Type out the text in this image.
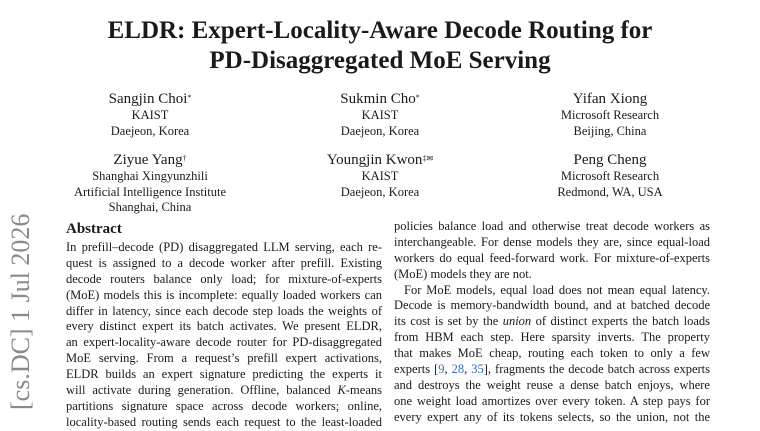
ELDR: Expert-Locality-Aware Decode Routing for
PD-Disaggregated MoE Serving
Sangjin Choi*
KAIST
Daejeon, Korea
Sukmin Cho*
KAIST
Daejeon, Korea
Yifan Xiong
Microsoft Research
Beijing, China
Ziyue Yang†
Shanghai Xingyunzhili
Artificial Intelligence Institute
Shanghai, China
Youngjin Kwon‡✉
KAIST
Daejeon, Korea
Peng Cheng
Microsoft Research
Redmond, WA, USA
[cs.DC] 1 Jul 2026 Abstract
In prefill–decode (PD) disaggregated LLM serving, each re-
quest is assigned to a decode worker after prefill. Existing
decode routers balance only load; for mixture-of-experts
(MoE) models this is incomplete: equally loaded workers can
differ in latency, since each decode step loads the weights of
every distinct expert its batch activates. We present ELDR,
an expert-locality-aware decode router for PD-disaggregated
MoE serving. From a request’s prefill expert activations,
ELDR builds an expert signature predicting the experts it
will activate during generation. Offline, balanced K-means
partitions signature space across decode workers; online,
locality-based routing sends each request to the least-loaded
policies balance load and otherwise treat decode workers as
interchangeable. For dense models they are, since equal-load
workers do equal feed-forward work. For mixture-of-experts
(MoE) models they are not.
For MoE models, equal load does not mean equal latency.
Decode is memory-bandwidth bound, and at batched decode
its cost is set by the union of distinct experts the batch loads
from HBM each step. Here sparsity inverts. The property
that makes MoE cheap, routing each token to only a few
experts [9, 28, 35], fragments the decode batch across experts
and destroys the weight reuse a dense batch enjoys, where
one weight load amortizes over every token. A step pays for
every expert any of its tokens selects, so the union, not the
